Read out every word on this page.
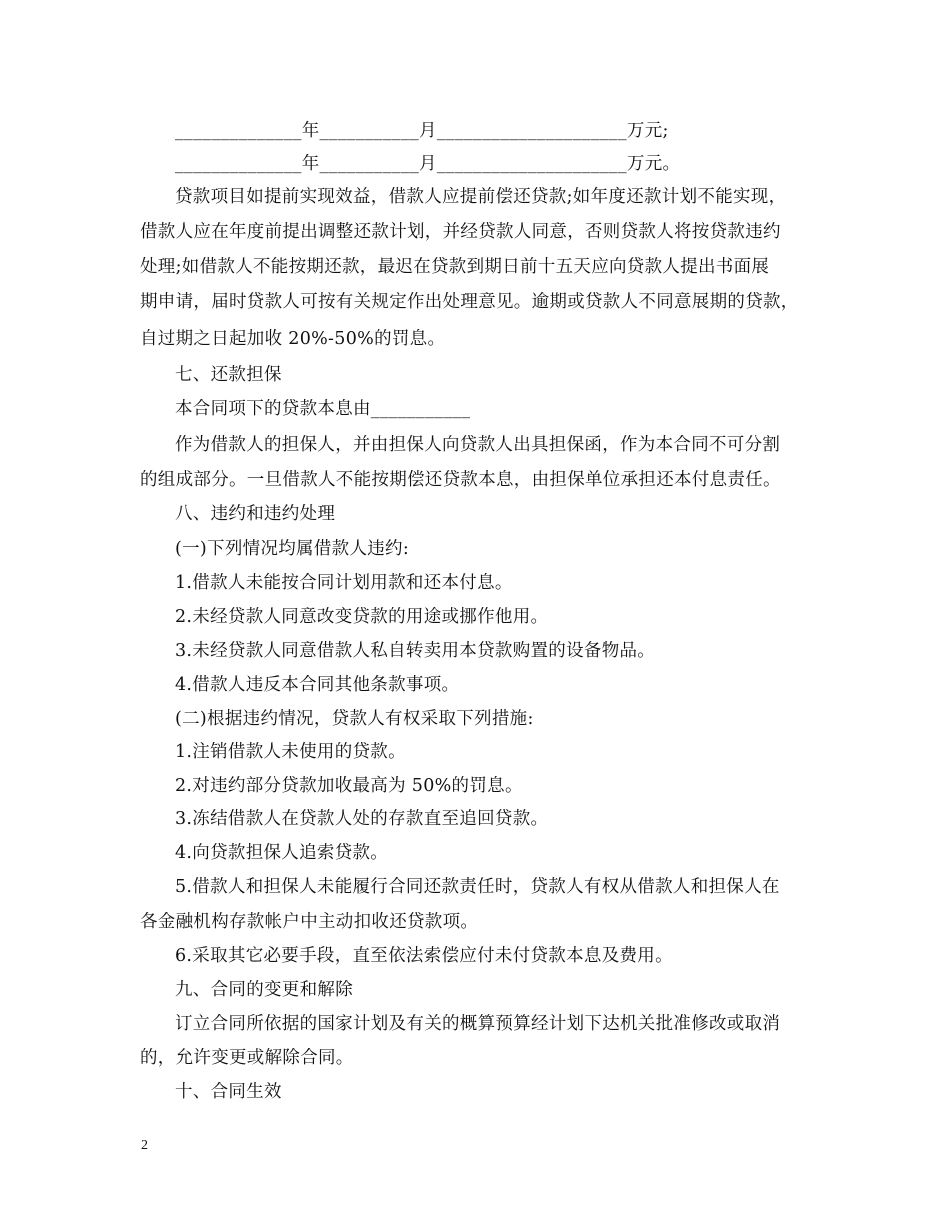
______________年___________月_____________________万元;
______________年___________月_____________________万元。
贷款项目如提前实现效益，借款人应提前偿还贷款;如年度还款计划不能实现，
借款人应在年度前提出调整还款计划，并经贷款人同意，否则贷款人将按贷款违约
处理;如借款人不能按期还款，最迟在贷款到期日前十五天应向贷款人提出书面展
期申请，届时贷款人可按有关规定作出处理意见。逾期或贷款人不同意展期的贷款，
自过期之日起加收 20%-50%的罚息。
七、还款担保
本合同项下的贷款本息由___________
作为借款人的担保人，并由担保人向贷款人出具担保函，作为本合同不可分割
的组成部分。一旦借款人不能按期偿还贷款本息，由担保单位承担还本付息责任。
八、违约和违约处理
(一)下列情况均属借款人违约:
1.借款人未能按合同计划用款和还本付息。
2.未经贷款人同意改变贷款的用途或挪作他用。
3.未经贷款人同意借款人私自转卖用本贷款购置的设备物品。
4.借款人违反本合同其他条款事项。
(二)根据违约情况，贷款人有权采取下列措施:
1.注销借款人未使用的贷款。
2.对违约部分贷款加收最高为 50%的罚息。
3.冻结借款人在贷款人处的存款直至追回贷款。
4.向贷款担保人追索贷款。
5.借款人和担保人未能履行合同还款责任时，贷款人有权从借款人和担保人在
各金融机构存款帐户中主动扣收还贷款项。
6.采取其它必要手段，直至依法索偿应付未付贷款本息及费用。
九、合同的变更和解除
订立合同所依据的国家计划及有关的概算预算经计划下达机关批准修改或取消
的，允许变更或解除合同。
十、合同生效
2
